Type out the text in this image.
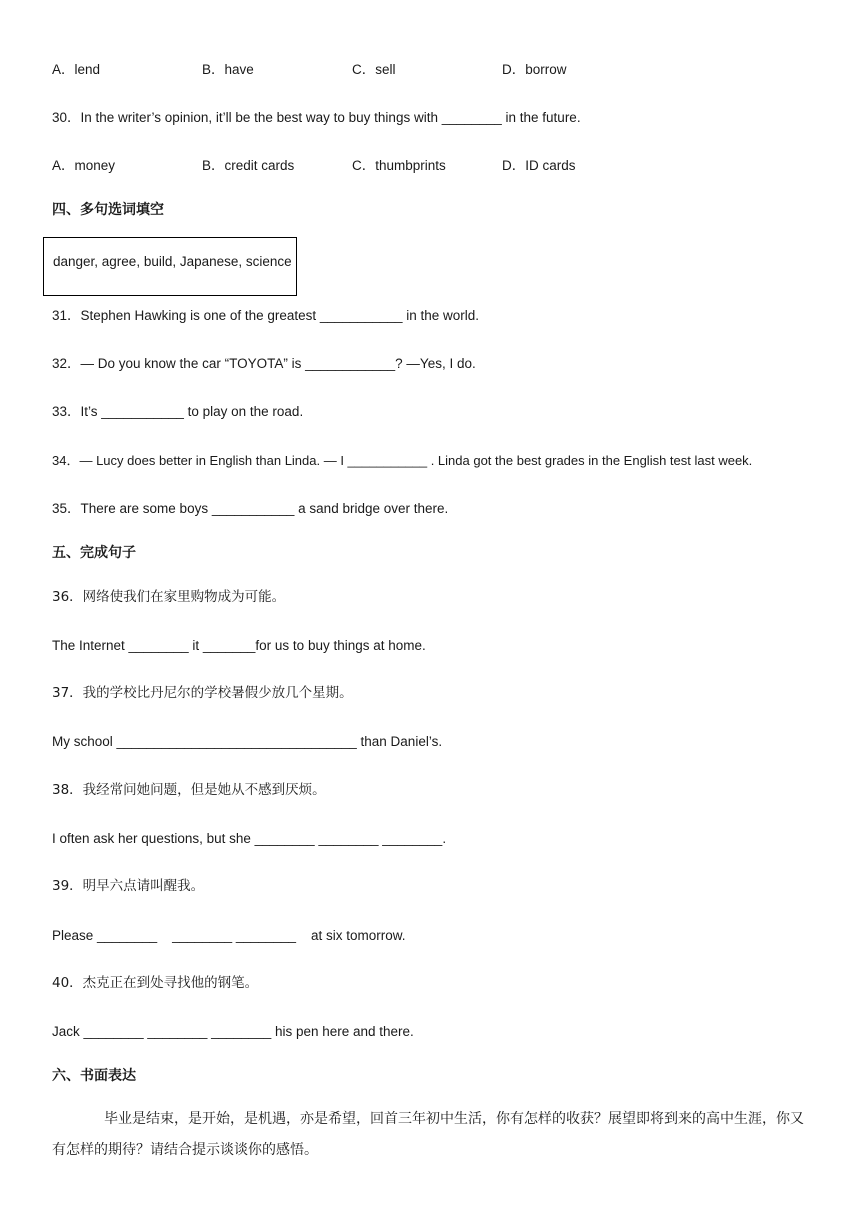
A．lend	B．have	C．sell	D．borrow
30．In the writer’s opinion, it’ll be the best way to buy things with ________ in the future.
A．money	B．credit cards	C．thumbprints	D．ID cards
四、多句选词填空
danger, agree, build, Japanese, science
31．Stephen Hawking is one of the greatest ___________ in the world.
32．— Do you know the car “TOYOTA” is ____________? —Yes, I do.
33．It’s ___________ to play on the road.
34．— Lucy does better in English than Linda. — I ___________ . Linda got the best grades in the English test last week.
35．There are some boys ___________ a sand bridge over there.
五、完成句子
36．网络使我们在家里购物成为可能。
The Internet ________ it _______for us to buy things at home.
37．我的学校比丹尼尔的学校暑假少放几个星期。
My school ________________________________ than Daniel’s.
38．我经常问她问题，但是她从不感到厌烦。
I often ask her questions, but she ________ ________ ________.
39．明早六点请叫醒我。
Please ________    ________ ________    at six tomorrow.
40．杰克正在到处寻找他的钢笔。
Jack ________ ________ ________ his pen here and there.
六、书面表达
毕业是结束，是开始，是机遇，亦是希望，回首三年初中生活，你有怎样的收获？展望即将到来的高中生涯，你又有怎样的期待？请结合提示谈谈你的感悟。
